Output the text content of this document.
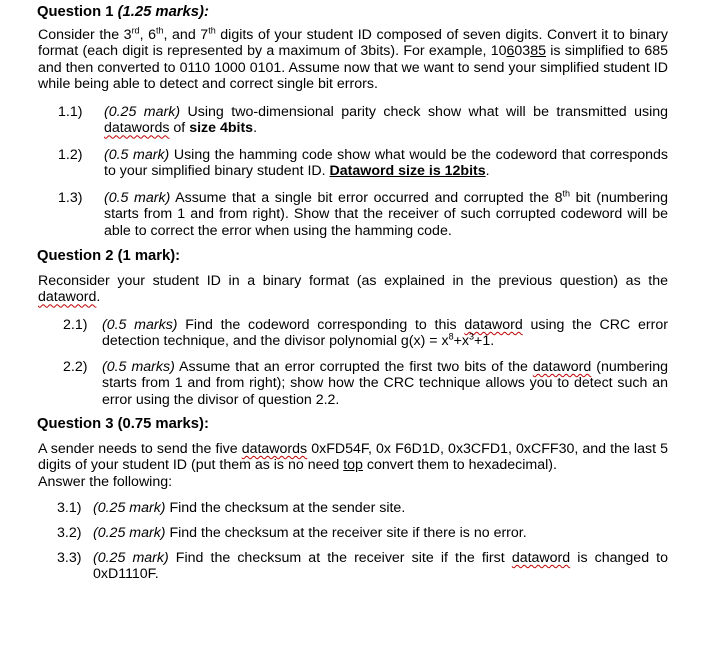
Question 1 (1.25 marks):
Consider the 3rd, 6th, and 7th digits of your student ID composed of seven digits. Convert it to binary format (each digit is represented by a maximum of 3bits). For example, 1060385 is simplified to 685 and then converted to 0110 1000 0101. Assume now that we want to send your simplified student ID while being able to detect and correct single bit errors.
1.1) (0.25 mark) Using two-dimensional parity check show what will be transmitted using datawords of size 4bits.
1.2) (0.5 mark) Using the hamming code show what would be the codeword that corresponds to your simplified binary student ID. Dataword size is 12bits.
1.3) (0.5 mark) Assume that a single bit error occurred and corrupted the 8th bit (numbering starts from 1 and from right). Show that the receiver of such corrupted codeword will be able to correct the error when using the hamming code.
Question 2 (1 mark):
Reconsider your student ID in a binary format (as explained in the previous question) as the dataword.
2.1) (0.5 marks) Find the codeword corresponding to this dataword using the CRC error detection technique, and the divisor polynomial $g(x) = x^8+x^3+1$.
2.2) (0.5 marks) Assume that an error corrupted the first two bits of the dataword (numbering starts from 1 and from right); show how the CRC technique allows you to detect such an error using the divisor of question 2.2.
Question 3 (0.75 marks):
A sender needs to send the five datawords 0xFD54F, 0x F6D1D, 0x3CFD1, 0xCFF30, and the last 5 digits of your student ID (put them as is no need top convert them to hexadecimal).
Answer the following:
3.1) (0.25 mark) Find the checksum at the sender site.
3.2) (0.25 mark) Find the checksum at the receiver site if there is no error.
3.3) (0.25 mark) Find the checksum at the receiver site if the first dataword is changed to 0xD1110F.
